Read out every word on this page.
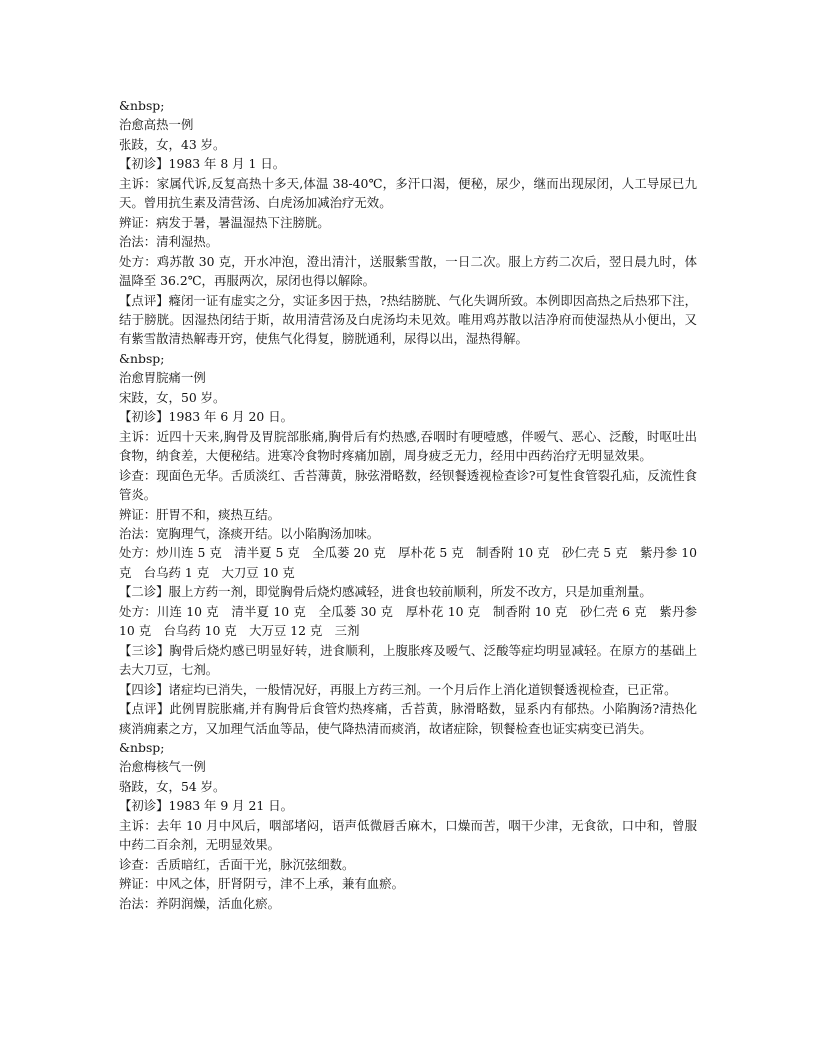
&nbsp;

治愈高热一例

张跂，女，43 岁。

【初诊】1983 年 8 月 1 日。

主诉：家属代诉,反复高热十多天,体温 38-40℃，多汗口渴，便秘，尿少，继而出现尿闭，人工导尿已九天。曾用抗生素及清营汤、白虎汤加减治疗无效。

辨证：病发于暑，暑温湿热下注膀胱。

治法：清利湿热。

处方：鸡苏散 30 克，开水冲泡，澄出清汁，送服紫雪散，一日二次。服上方药二次后，翌日晨九时，体温降至 36.2℃，再服两次，尿闭也得以解除。

【点评】癃闭一证有虚实之分，实证多因于热，?热结膀胱、气化失调所致。本例即因高热之后热邪下注，结于膀胱。因湿热闭结于斯，故用清营汤及白虎汤均未见效。唯用鸡苏散以洁净府而使湿热从小便出，又有紫雪散清热解毒开窍，使焦气化得复，膀胱通利，尿得以出，湿热得解。

&nbsp;

治愈胃脘痛一例

宋跂，女，50 岁。

【初诊】1983 年 6 月 20 日。

主诉：近四十天来,胸骨及胃脘部胀痛,胸骨后有灼热感,吞咽时有哽噎感，伴嗳气、恶心、泛酸，时呕吐出食物，纳食差，大便秘结。进寒冷食物时疼痛加剧，周身疲乏无力，经用中西药治疗无明显效果。

诊查：现面色无华。舌质淡红、舌苔薄黄，脉弦滑略数，经钡餐透视检查诊?可复性食管裂孔疝，反流性食管炎。

辨证：肝胃不和，痰热互结。

治法：宽胸理气，涤痰开结。以小陷胸汤加味。

处方：炒川连 5 克　清半夏 5 克　全瓜蒌 20 克　厚朴花 5 克　制香附 10 克　砂仁壳 5 克　紫丹参 10 克　台乌药 1 克　大刀豆 10 克

【二诊】服上方药一剂，即觉胸骨后烧灼感减轻，进食也较前顺利，所发不改方，只是加重剂量。

处方：川连 10 克　清半夏 10 克　全瓜蒌 30 克　厚朴花 10 克　制香附 10 克　砂仁壳 6 克　紫丹参 10 克　台乌药 10 克　大万豆 12 克　三剂

【三诊】胸骨后烧灼感已明显好转，进食顺利，上腹胀疼及嗳气、泛酸等症均明显减轻。在原方的基础上去大刀豆，七剂。

【四诊】诸症均已消失，一般情况好，再服上方药三剂。一个月后作上消化道钡餐透视检查，已正常。

【点评】此例胃脘胀痛,并有胸骨后食管灼热疼痛，舌苔黄，脉滑略数，显系内有郁热。小陷胸汤?清热化痰消痈素之方，又加理气活血等品，使气降热清而痰消，故诸症除，钡餐检查也证实病变已消失。

&nbsp;

治愈梅核气一例

骆跂，女，54 岁。

【初诊】1983 年 9 月 21 日。

主诉：去年 10 月中风后，咽部堵闷，语声低微唇舌麻木，口燥而苦，咽干少津，无食欲，口中和，曾服中药二百余剂，无明显效果。

诊查：舌质暗红，舌面干光，脉沉弦细数。

辨证：中风之体，肝肾阴亏，津不上承，兼有血瘀。

治法：养阴润燥，活血化瘀。
